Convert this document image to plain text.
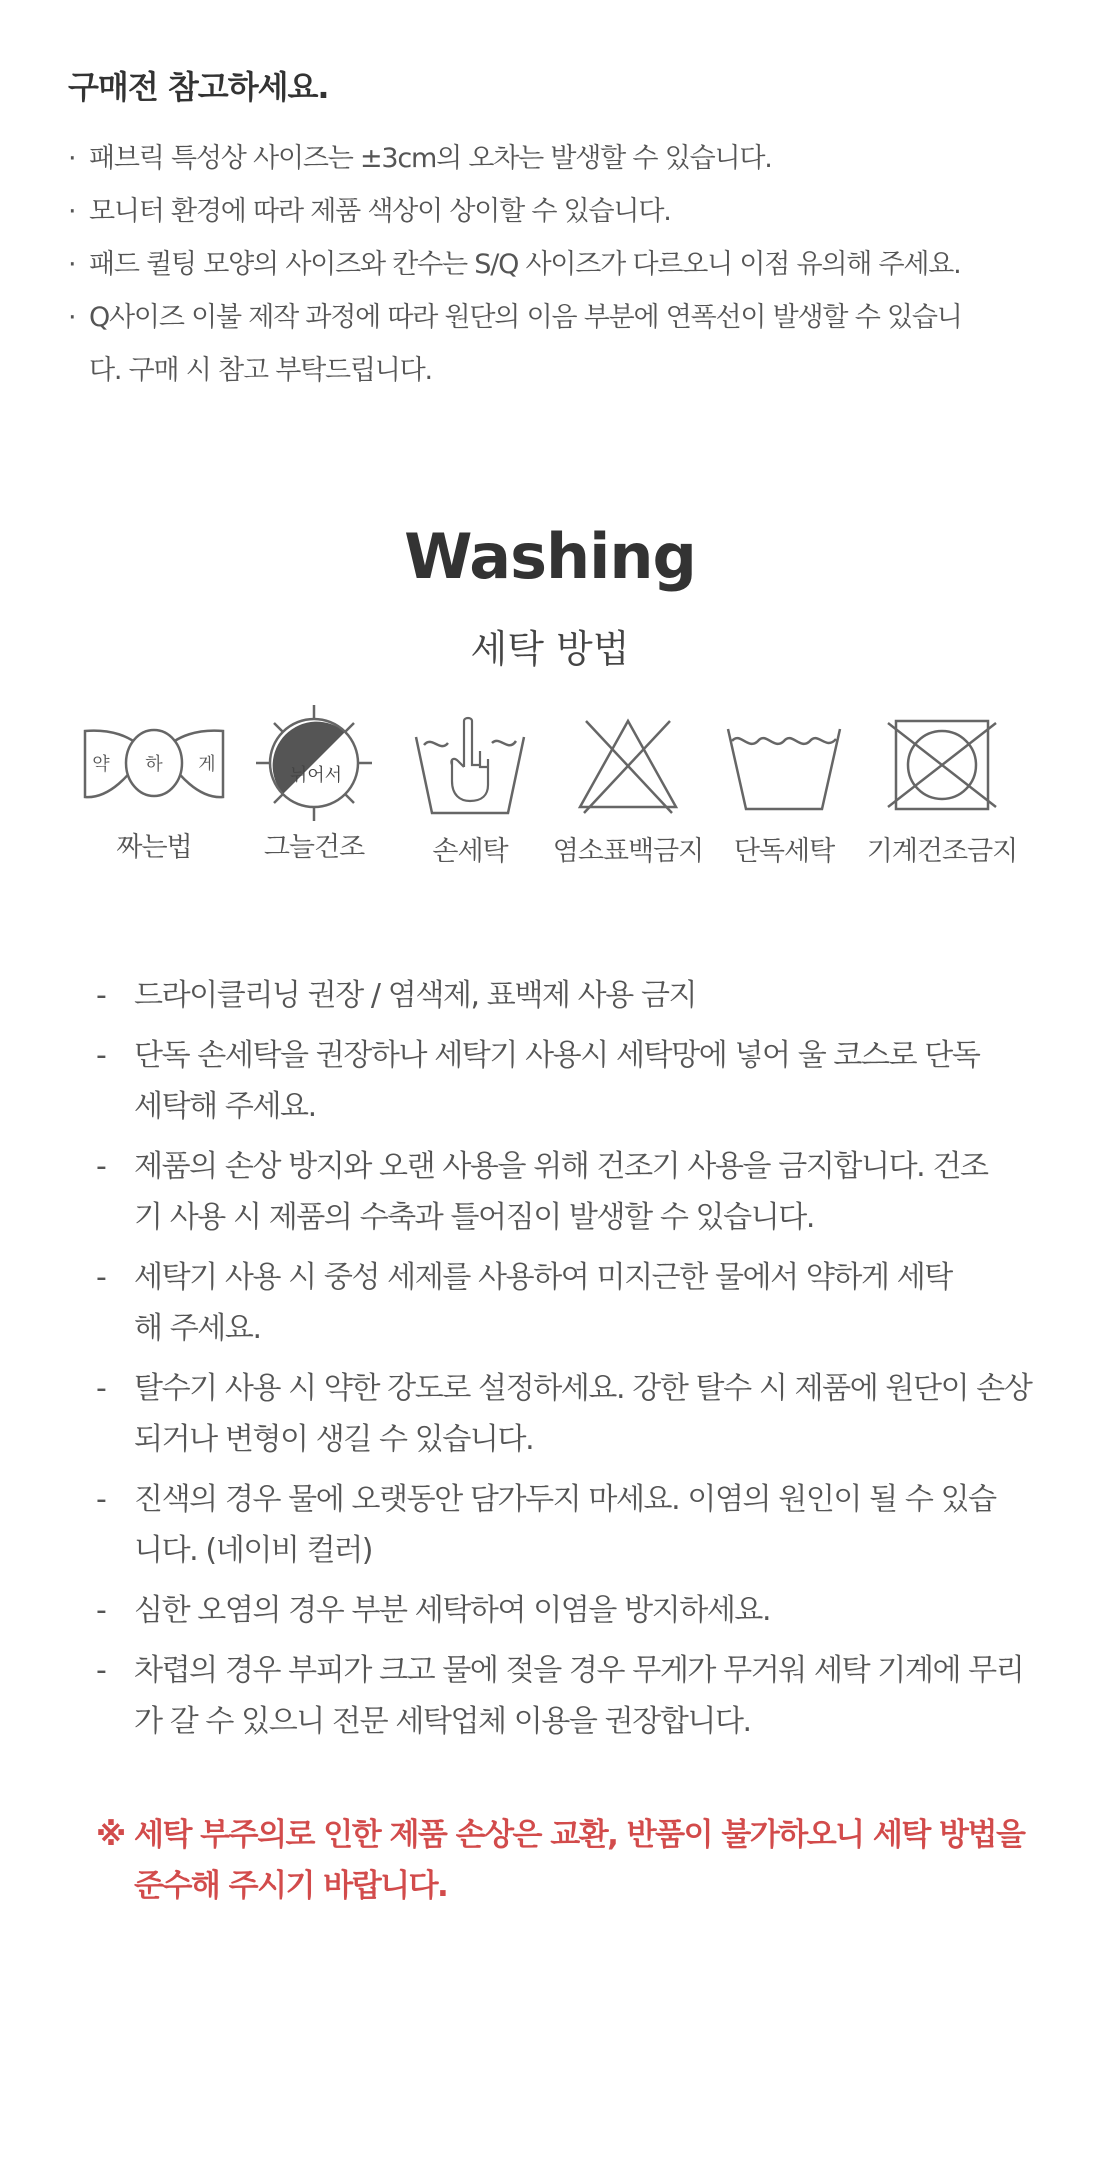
구매전 참고하세요.
· 패브릭 특성상 사이즈는 ±3cm의 오차는 발생할 수 있습니다.
· 모니터 환경에 따라 제품 색상이 상이할 수 있습니다.
· 패드 퀼팅 모양의 사이즈와 칸수는 S/Q 사이즈가 다르오니 이점 유의해 주세요.
· Q사이즈 이불 제작 과정에 따라 원단의 이음 부분에 연폭선이 발생할 수 있습니다. 구매 시 참고 부탁드립니다.
Washing
세탁 방법
약 하 게
짜는법
뉘어서
그늘건조	손세탁	염소표백금지	단독세탁	기계건조금지
- 드라이클리닝 권장 / 염색제, 표백제 사용 금지
- 단독 손세탁을 권장하나 세탁기 사용시 세탁망에 넣어 울 코스로 단독 세탁해 주세요.
- 제품의 손상 방지와 오랜 사용을 위해 건조기 사용을 금지합니다. 건조기 사용 시 제품의 수축과 틀어짐이 발생할 수 있습니다.
- 세탁기 사용 시 중성 세제를 사용하여 미지근한 물에서 약하게 세탁해 주세요.
- 탈수기 사용 시 약한 강도로 설정하세요. 강한 탈수 시 제품에 원단이 손상되거나 변형이 생길 수 있습니다.
- 진색의 경우 물에 오랫동안 담가두지 마세요. 이염의 원인이 될 수 있습니다. (네이비 컬러)
- 심한 오염의 경우 부분 세탁하여 이염을 방지하세요.
- 차렵의 경우 부피가 크고 물에 젖을 경우 무게가 무거워 세탁 기계에 무리가 갈 수 있으니 전문 세탁업체 이용을 권장합니다.
※ 세탁 부주의로 인한 제품 손상은 교환, 반품이 불가하오니 세탁 방법을 준수해 주시기 바랍니다.
